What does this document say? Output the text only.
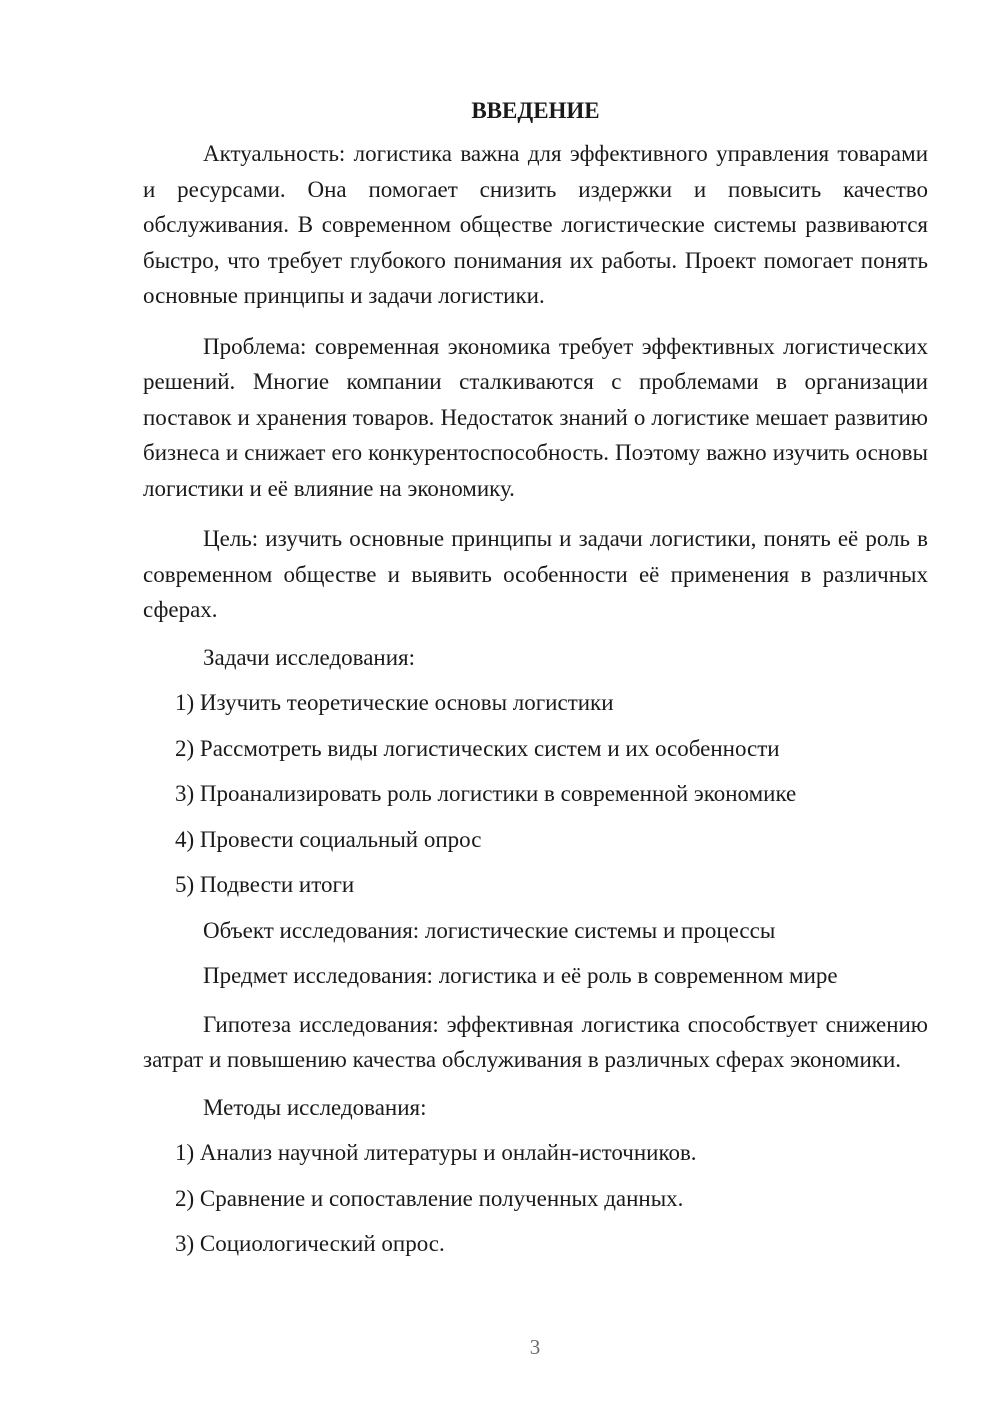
ВВЕДЕНИЕ

Актуальность: логистика важна для эффективного управления товарами и ресурсами. Она помогает снизить издержки и повысить качество обслуживания. В современном обществе логистические системы развиваются быстро, что требует глубокого понимания их работы. Проект помогает понять основные принципы и задачи логистики.

Проблема: современная экономика требует эффективных логистических решений. Многие компании сталкиваются с проблемами в организации поставок и хранения товаров. Недостаток знаний о логистике мешает развитию бизнеса и снижает его конкурентоспособность. Поэтому важно изучить основы логистики и её влияние на экономику.

Цель: изучить основные принципы и задачи логистики, понять её роль в современном обществе и выявить особенности её применения в различных сферах.

Задачи исследования:

1) Изучить теоретические основы логистики

2) Рассмотреть виды логистических систем и их особенности

3) Проанализировать роль логистики в современной экономике

4) Провести социальный опрос

5) Подвести итоги

Объект исследования: логистические системы и процессы

Предмет исследования: логистика и её роль в современном мире

Гипотеза исследования: эффективная логистика способствует снижению затрат и повышению качества обслуживания в различных сферах экономики.

Методы исследования:

1) Анализ научной литературы и онлайн-источников.

2) Сравнение и сопоставление полученных данных.

3) Социологический опрос.

3
